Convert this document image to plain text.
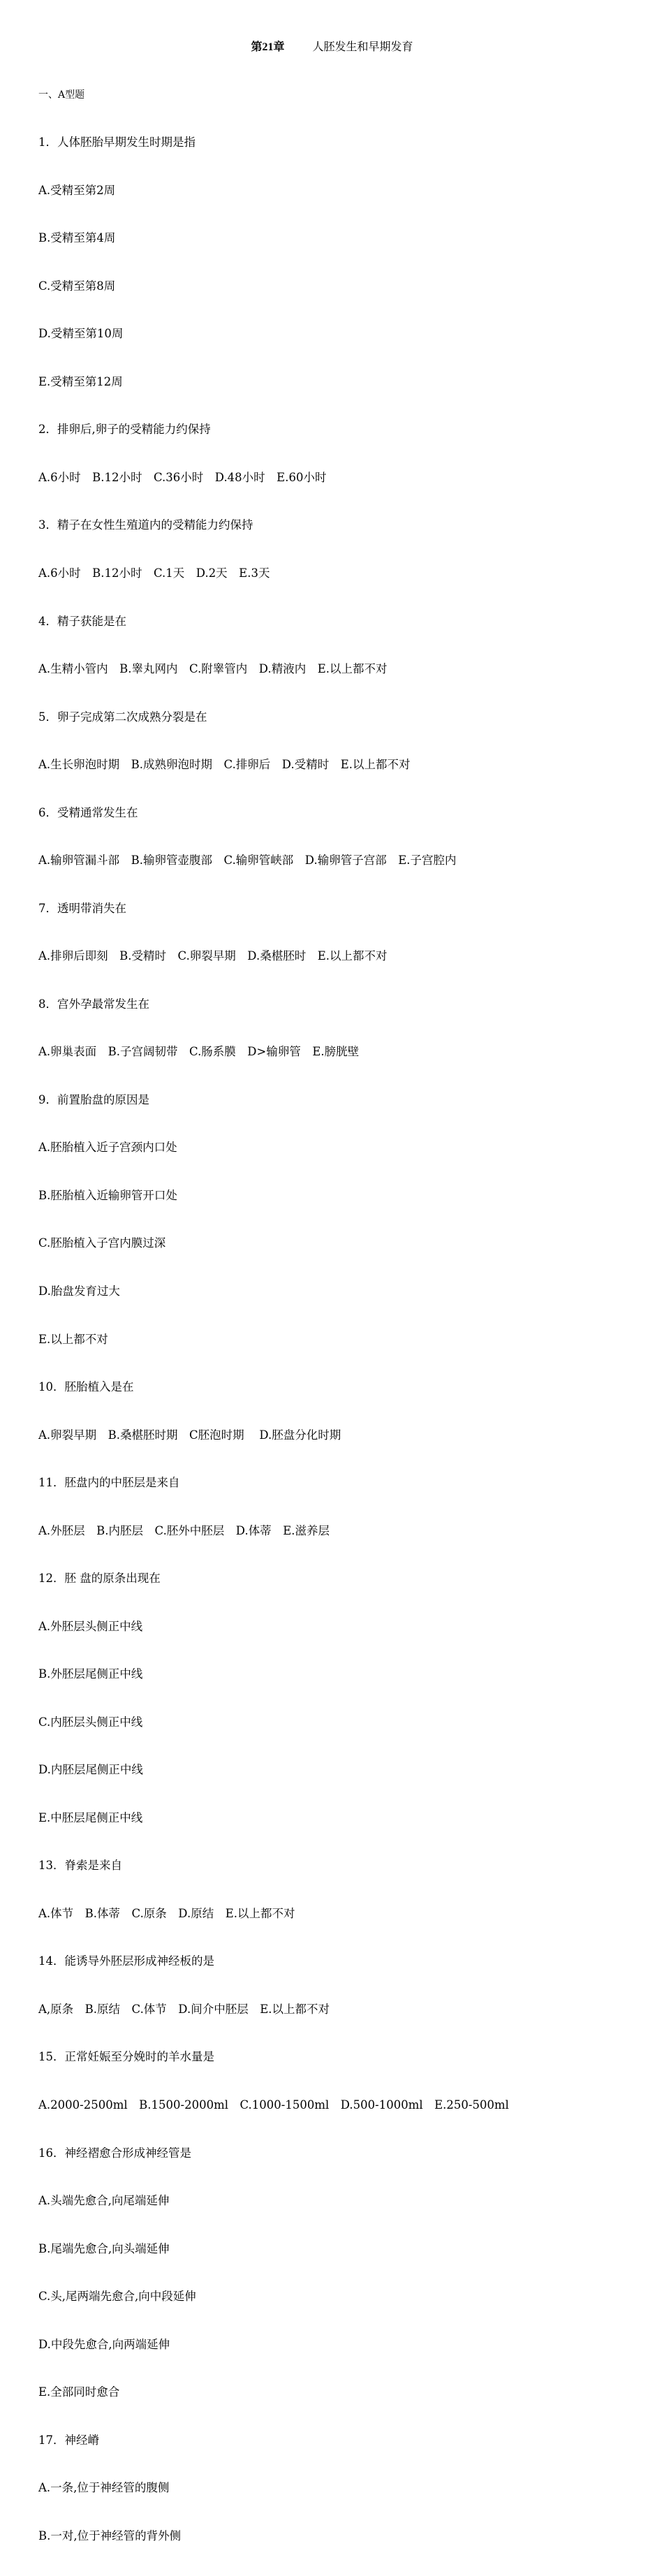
第21章	人胚发生和早期发育

一、A型题

1．人体胚胎早期发生时期是指

A.受精至第2周

B.受精至第4周

C.受精至第8周

D.受精至第10周

E.受精至第12周

2．排卵后,卵子的受精能力约保持

A.6小时　B.12小时　C.36小时　D.48小时　E.60小时

3．精子在女性生殖道内的受精能力约保持

A.6小时　B.12小时　C.1天　D.2天　E.3天

4．精子获能是在

A.生精小管内　B.睾丸网内　C.附睾管内　D.精液内　E.以上都不对

5．卵子完成第二次成熟分裂是在

A.生长卵泡时期　B.成熟卵泡时期　C.排卵后　D.受精时　E.以上都不对

6．受精通常发生在

A.输卵管漏斗部　B.输卵管壶腹部　C.输卵管峡部　D.输卵管子宫部　E.子宫腔内

7．透明带消失在

A.排卵后即刻　B.受精时　C.卵裂早期　D.桑椹胚时　E.以上都不对

8．宫外孕最常发生在

A.卵巢表面　B.子宫阔韧带　C.肠系膜　D>输卵管　E.膀胱壁

9．前置胎盘的原因是

A.胚胎植入近子宫颈内口处

B.胚胎植入近输卵管开口处

C.胚胎植入子宫内膜过深

D.胎盘发育过大

E.以上都不对

10．胚胎植入是在

A.卵裂早期　B.桑椹胚时期　C胚泡时期　 D.胚盘分化时期

11．胚盘内的中胚层是来自

A.外胚层　B.内胚层　C.胚外中胚层　D.体蒂　E.滋养层

12．胚 盘的原条出现在

A.外胚层头侧正中线

B.外胚层尾侧正中线

C.内胚层头侧正中线

D.内胚层尾侧正中线

E.中胚层尾侧正中线

13．脊索是来自

A.体节　B.体蒂　C.原条　D.原结　E.以上都不对

14．能诱导外胚层形成神经板的是

A,原条　B.原结　C.体节　D.间介中胚层　E.以上都不对

15．正常妊娠至分娩时的羊水量是

A.2000-2500ml　B.1500-2000ml　C.1000-1500ml　D.500-1000ml　E.250-500ml

16．神经褶愈合形成神经管是

A.头端先愈合,向尾端延伸

B.尾端先愈合,向头端延伸

C.头,尾两端先愈合,向中段延伸

D.中段先愈合,向两端延伸

E.全部同时愈合

17．神经嵴

A.一条,位于神经管的腹侧

B.一对,位于神经管的背外侧
